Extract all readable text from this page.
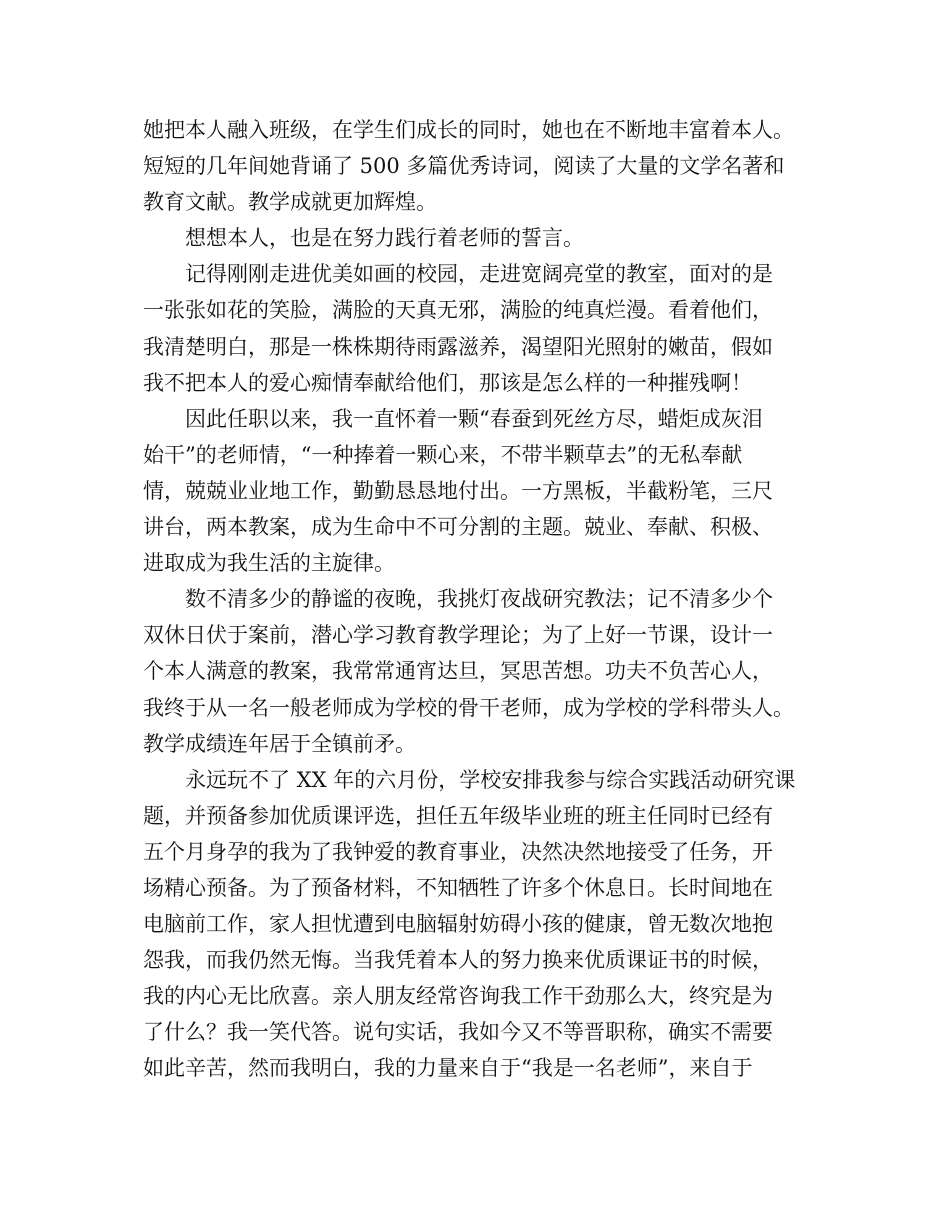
她把本人融入班级，在学生们成长的同时，她也在不断地丰富着本人。
短短的几年间她背诵了 500 多篇优秀诗词，阅读了大量的文学名著和
教育文献。教学成就更加辉煌。
想想本人，也是在努力践行着老师的誓言。
记得刚刚走进优美如画的校园，走进宽阔亮堂的教室，面对的是
一张张如花的笑脸，满脸的天真无邪，满脸的纯真烂漫。看着他们，
我清楚明白，那是一株株期待雨露滋养，渴望阳光照射的嫩苗，假如
我不把本人的爱心痴情奉献给他们，那该是怎么样的一种摧残啊！
因此任职以来，我一直怀着一颗“春蚕到死丝方尽，蜡炬成灰泪
始干”的老师情，“一种捧着一颗心来，不带半颗草去”的无私奉献
情，兢兢业业地工作，勤勤恳恳地付出。一方黑板，半截粉笔，三尺
讲台，两本教案，成为生命中不可分割的主题。兢业、奉献、积极、
进取成为我生活的主旋律。
数不清多少的静谧的夜晚，我挑灯夜战研究教法；记不清多少个
双休日伏于案前，潜心学习教育教学理论；为了上好一节课，设计一
个本人满意的教案，我常常通宵达旦，冥思苦想。功夫不负苦心人，
我终于从一名一般老师成为学校的骨干老师，成为学校的学科带头人。
教学成绩连年居于全镇前矛。
永远玩不了 XX 年的六月份，学校安排我参与综合实践活动研究课
题，并预备参加优质课评选，担任五年级毕业班的班主任同时已经有
五个月身孕的我为了我钟爱的教育事业，决然决然地接受了任务，开
场精心预备。为了预备材料，不知牺牲了许多个休息日。长时间地在
电脑前工作，家人担忧遭到电脑辐射妨碍小孩的健康，曾无数次地抱
怨我，而我仍然无悔。当我凭着本人的努力换来优质课证书的时候，
我的内心无比欣喜。亲人朋友经常咨询我工作干劲那么大，终究是为
了什么？我一笑代答。说句实话，我如今又不等晋职称，确实不需要
如此辛苦，然而我明白，我的力量来自于“我是一名老师”，来自于
